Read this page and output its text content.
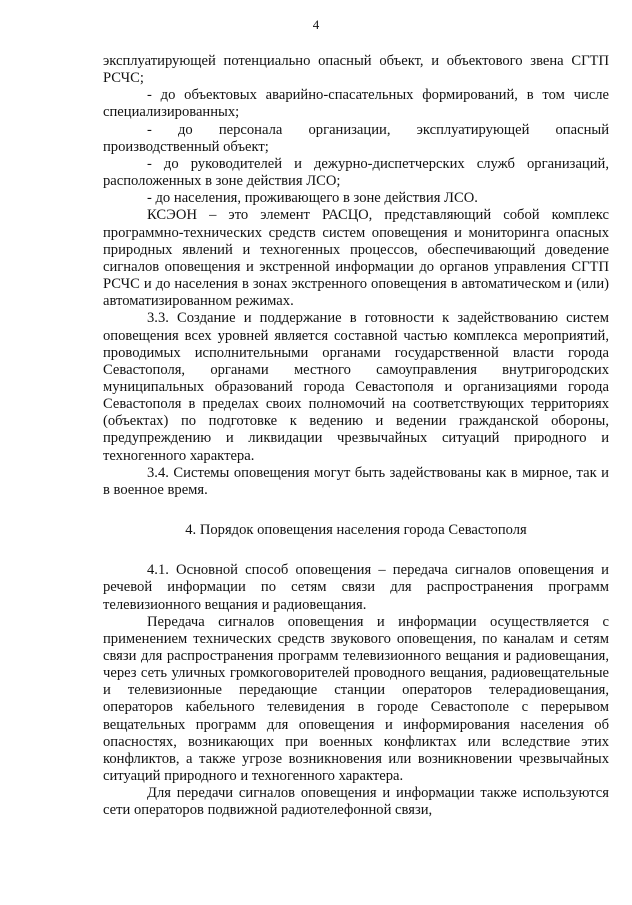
4

эксплуатирующей потенциально опасный объект, и объектового звена СГТП РСЧС;

- до объектовых аварийно-спасательных формирований, в том числе специализированных;

- до персонала организации, эксплуатирующей опасный производственный объект;

- до руководителей и дежурно-диспетчерских служб организаций, расположенных в зоне действия ЛСО;

- до населения, проживающего в зоне действия ЛСО.

КСЭОН – это элемент РАСЦО, представляющий собой комплекс программно-технических средств систем оповещения и мониторинга опасных природных явлений и техногенных процессов, обеспечивающий доведение сигналов оповещения и экстренной информации до органов управления СГТП РСЧС и до населения в зонах экстренного оповещения в автоматическом и (или) автоматизированном режимах.

3.3. Создание и поддержание в готовности к задействованию систем оповещения всех уровней является составной частью комплекса мероприятий, проводимых исполнительными органами государственной власти города Севастополя, органами местного самоуправления внутригородских муниципальных образований города Севастополя и организациями города Севастополя в пределах своих полномочий на соответствующих территориях (объектах) по подготовке к ведению и ведении гражданской обороны, предупреждению и ликвидации чрезвычайных ситуаций природного и техногенного характера.

3.4. Системы оповещения могут быть задействованы как в мирное, так и в военное время.

4. Порядок оповещения населения города Севастополя

4.1. Основной способ оповещения – передача сигналов оповещения и речевой информации по сетям связи для распространения программ телевизионного вещания и радиовещания.

Передача сигналов оповещения и информации осуществляется с применением технических средств звукового оповещения, по каналам и сетям связи для распространения программ телевизионного вещания и радиовещания, через сеть уличных громкоговорителей проводного вещания, радиовещательные и телевизионные передающие станции операторов телерадиовещания, операторов кабельного телевидения в городе Севастополе с перерывом вещательных программ для оповещения и информирования населения об опасностях, возникающих при военных конфликтах или вследствие этих конфликтов, а также угрозе возникновения или возникновении чрезвычайных ситуаций природного и техногенного характера.

Для передачи сигналов оповещения и информации также используются сети операторов подвижной радиотелефонной связи,
